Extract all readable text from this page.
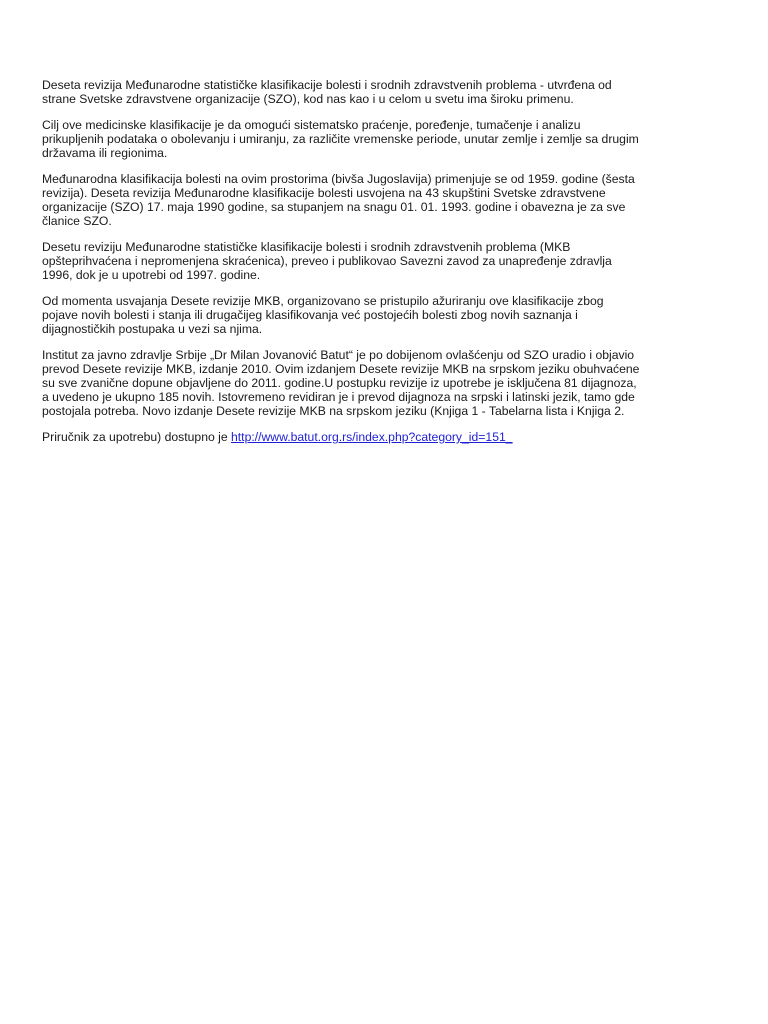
Deseta revizija Međunarodne statističke klasifikacije bolesti i srodnih zdravstvenih problema - utvrđena od strane Svetske zdravstvene organizacije (SZO), kod nas kao i u celom u svetu ima široku primenu.

Cilj ove medicinske klasifikacije je da omogući sistematsko praćenje, poređenje, tumačenje i analizu prikupljenih podataka o obolevanju i umiranju, za različite vremenske periode, unutar zemlje i zemlje sa drugim državama ili regionima.

Međunarodna klasifikacija bolesti na ovim prostorima (bivša Jugoslavija) primenjuje se od 1959. godine (šesta revizija). Deseta revizija Međunarodne klasifikacije bolesti usvojena na 43 skupštini Svetske zdravstvene organizacije (SZO) 17. maja 1990 godine, sa stupanjem na snagu 01. 01. 1993. godine i obavezna je za sve članice SZO.

Desetu reviziju Međunarodne statističke klasifikacije bolesti i srodnih zdravstvenih problema (MKB opšteprihvaćena i nepromenjena skraćenica), preveo i publikovao Savezni zavod za unapređenje zdravlja 1996, dok je u upotrebi od 1997. godine.

Od momenta usvajanja Desete revizije MKB, organizovano se pristupilo ažuriranju ove klasifikacije zbog pojave novih bolesti i stanja ili drugačijeg klasifikovanja već postojećih bolesti zbog novih saznanja i dijagnostičkih postupaka u vezi sa njima.

Institut za javno zdravlje Srbije „Dr Milan Jovanović Batut“ je po dobijenom ovlašćenju od SZO uradio i objavio prevod Desete revizije MKB, izdanje 2010. Ovim izdanjem Desete revizije MKB na srpskom jeziku obuhvaćene su sve zvanične dopune objavljene do 2011. godine.U postupku revizije iz upotrebe je isključena 81 dijagnoza, a uvedeno je ukupno 185 novih. Istovremeno revidiran je i prevod dijagnoza na srpski i latinski jezik, tamo gde postojala potreba. Novo izdanje Desete revizije MKB na srpskom jeziku (Knjiga 1 - Tabelarna lista i Knjiga 2.

Priručnik za upotrebu) dostupno je http://www.batut.org.rs/index.php?category_id=151_
